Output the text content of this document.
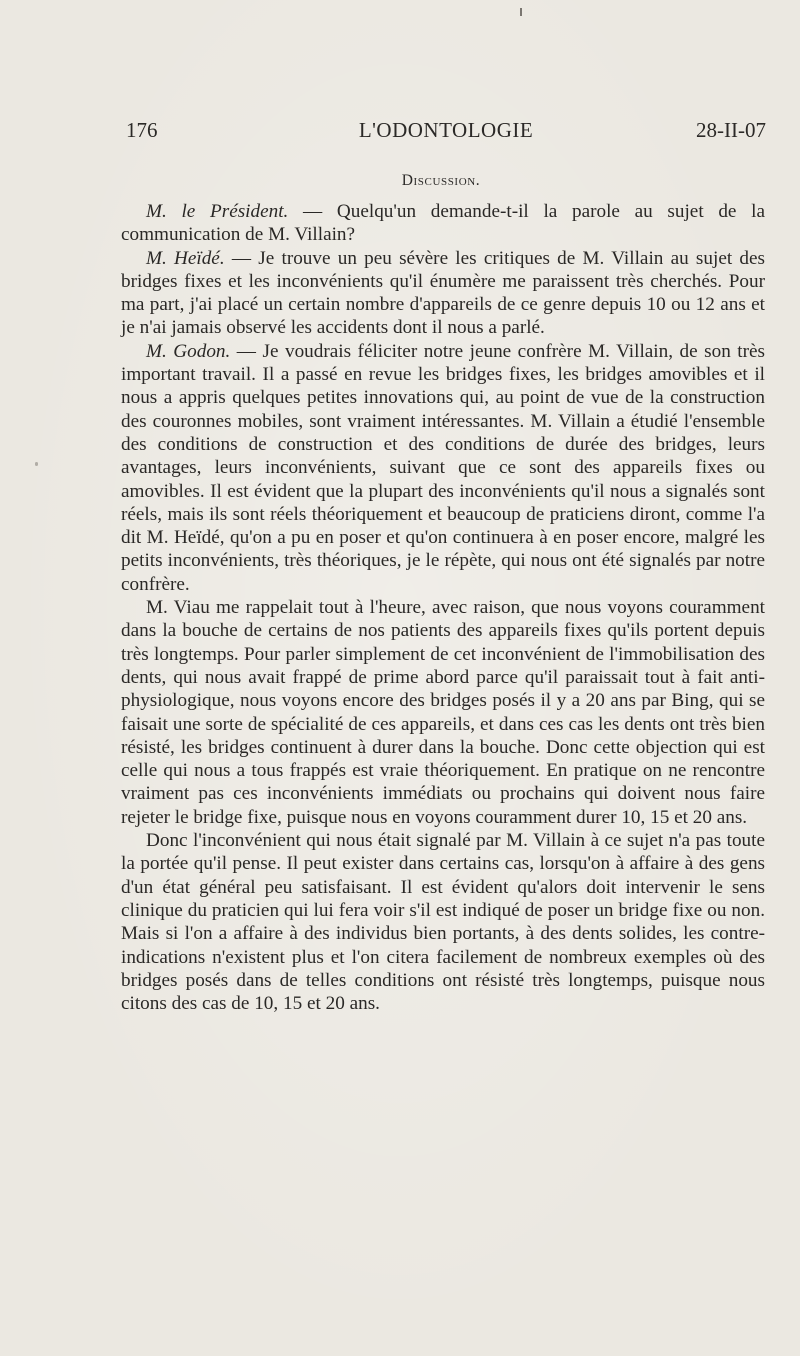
176	L'ODONTOLOGIE	28-II-07
Discussion.

M. le Président. — Quelqu'un demande-t-il la parole au sujet de la communication de M. Villain?

M. Heïdé. — Je trouve un peu sévère les critiques de M. Villain au sujet des bridges fixes et les inconvénients qu'il énumère me paraissent très cherchés. Pour ma part, j'ai placé un certain nombre d'appareils de ce genre depuis 10 ou 12 ans et je n'ai jamais observé les accidents dont il nous a parlé.

M. Godon. — Je voudrais féliciter notre jeune confrère M. Villain, de son très important travail. Il a passé en revue les bridges fixes, les bridges amovibles et il nous a appris quelques petites innovations qui, au point de vue de la construction des couronnes mobiles, sont vraiment intéressantes. M. Villain a étudié l'ensemble des conditions de construction et des conditions de durée des bridges, leurs avantages, leurs inconvénients, suivant que ce sont des appareils fixes ou amovibles. Il est évident que la plupart des inconvénients qu'il nous a signalés sont réels, mais ils sont réels théoriquement et beaucoup de praticiens diront, comme l'a dit M. Heïdé, qu'on a pu en poser et qu'on continuera à en poser encore, malgré les petits inconvénients, très théoriques, je le répète, qui nous ont été signalés par notre confrère.

M. Viau me rappelait tout à l'heure, avec raison, que nous voyons couramment dans la bouche de certains de nos patients des appareils fixes qu'ils portent depuis très longtemps. Pour parler simplement de cet inconvénient de l'immobilisation des dents, qui nous avait frappé de prime abord parce qu'il paraissait tout à fait anti-physiologique, nous voyons encore des bridges posés il y a 20 ans par Bing, qui se faisait une sorte de spécialité de ces appareils, et dans ces cas les dents ont très bien résisté, les bridges continuent à durer dans la bouche. Donc cette objection qui est celle qui nous a tous frappés est vraie théoriquement. En pratique on ne rencontre vraiment pas ces inconvénients immédiats ou prochains qui doivent nous faire rejeter le bridge fixe, puisque nous en voyons couramment durer 10, 15 et 20 ans.

Donc l'inconvénient qui nous était signalé par M. Villain à ce sujet n'a pas toute la portée qu'il pense. Il peut exister dans certains cas, lorsqu'on à affaire à des gens d'un état général peu satisfaisant. Il est évident qu'alors doit intervenir le sens clinique du praticien qui lui fera voir s'il est indiqué de poser un bridge fixe ou non. Mais si l'on a affaire à des individus bien portants, à des dents solides, les contre-indications n'existent plus et l'on citera facilement de nombreux exemples où des bridges posés dans de telles conditions ont résisté très longtemps, puisque nous citons des cas de 10, 15 et 20 ans.
